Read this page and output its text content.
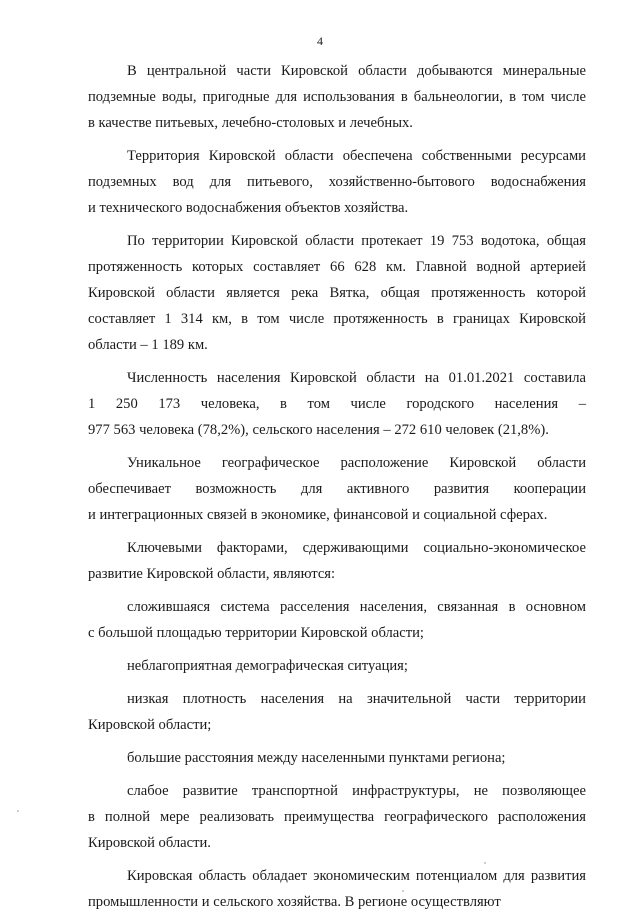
4
В центральной части Кировской области добываются минеральные
подземные воды, пригодные для использования в бальнеологии, в том числе
в качестве питьевых, лечебно-столовых и лечебных.
Территория Кировской области обеспечена собственными ресурсами
подземных вод для питьевого, хозяйственно-бытового водоснабжения
и технического водоснабжения объектов хозяйства.
По территории Кировской области протекает 19 753 водотока, общая
протяженность которых составляет 66 628 км. Главной водной артерией
Кировской области является река Вятка, общая протяженность которой
составляет 1 314 км, в том числе протяженность в границах Кировской
области – 1 189 км.
Численность населения Кировской области на 01.01.2021 составила
1 250 173 человека, в том числе городского населения –
977 563 человека (78,2%), сельского населения – 272 610 человек (21,8%).
Уникальное географическое расположение Кировской области
обеспечивает возможность для активного развития кооперации
и интеграционных связей в экономике, финансовой и социальной сферах.
Ключевыми факторами, сдерживающими социально-экономическое
развитие Кировской области, являются:
сложившаяся система расселения населения, связанная в основном
с большой площадью территории Кировской области;
неблагоприятная демографическая ситуация;
низкая плотность населения на значительной части территории
Кировской области;
большие расстояния между населенными пунктами региона;
слабое развитие транспортной инфраструктуры, не позволяющее
в полной мере реализовать преимущества географического расположения
Кировской области.
Кировская область обладает экономическим потенциалом для развития
промышленности и сельского хозяйства. В регионе осуществляют
